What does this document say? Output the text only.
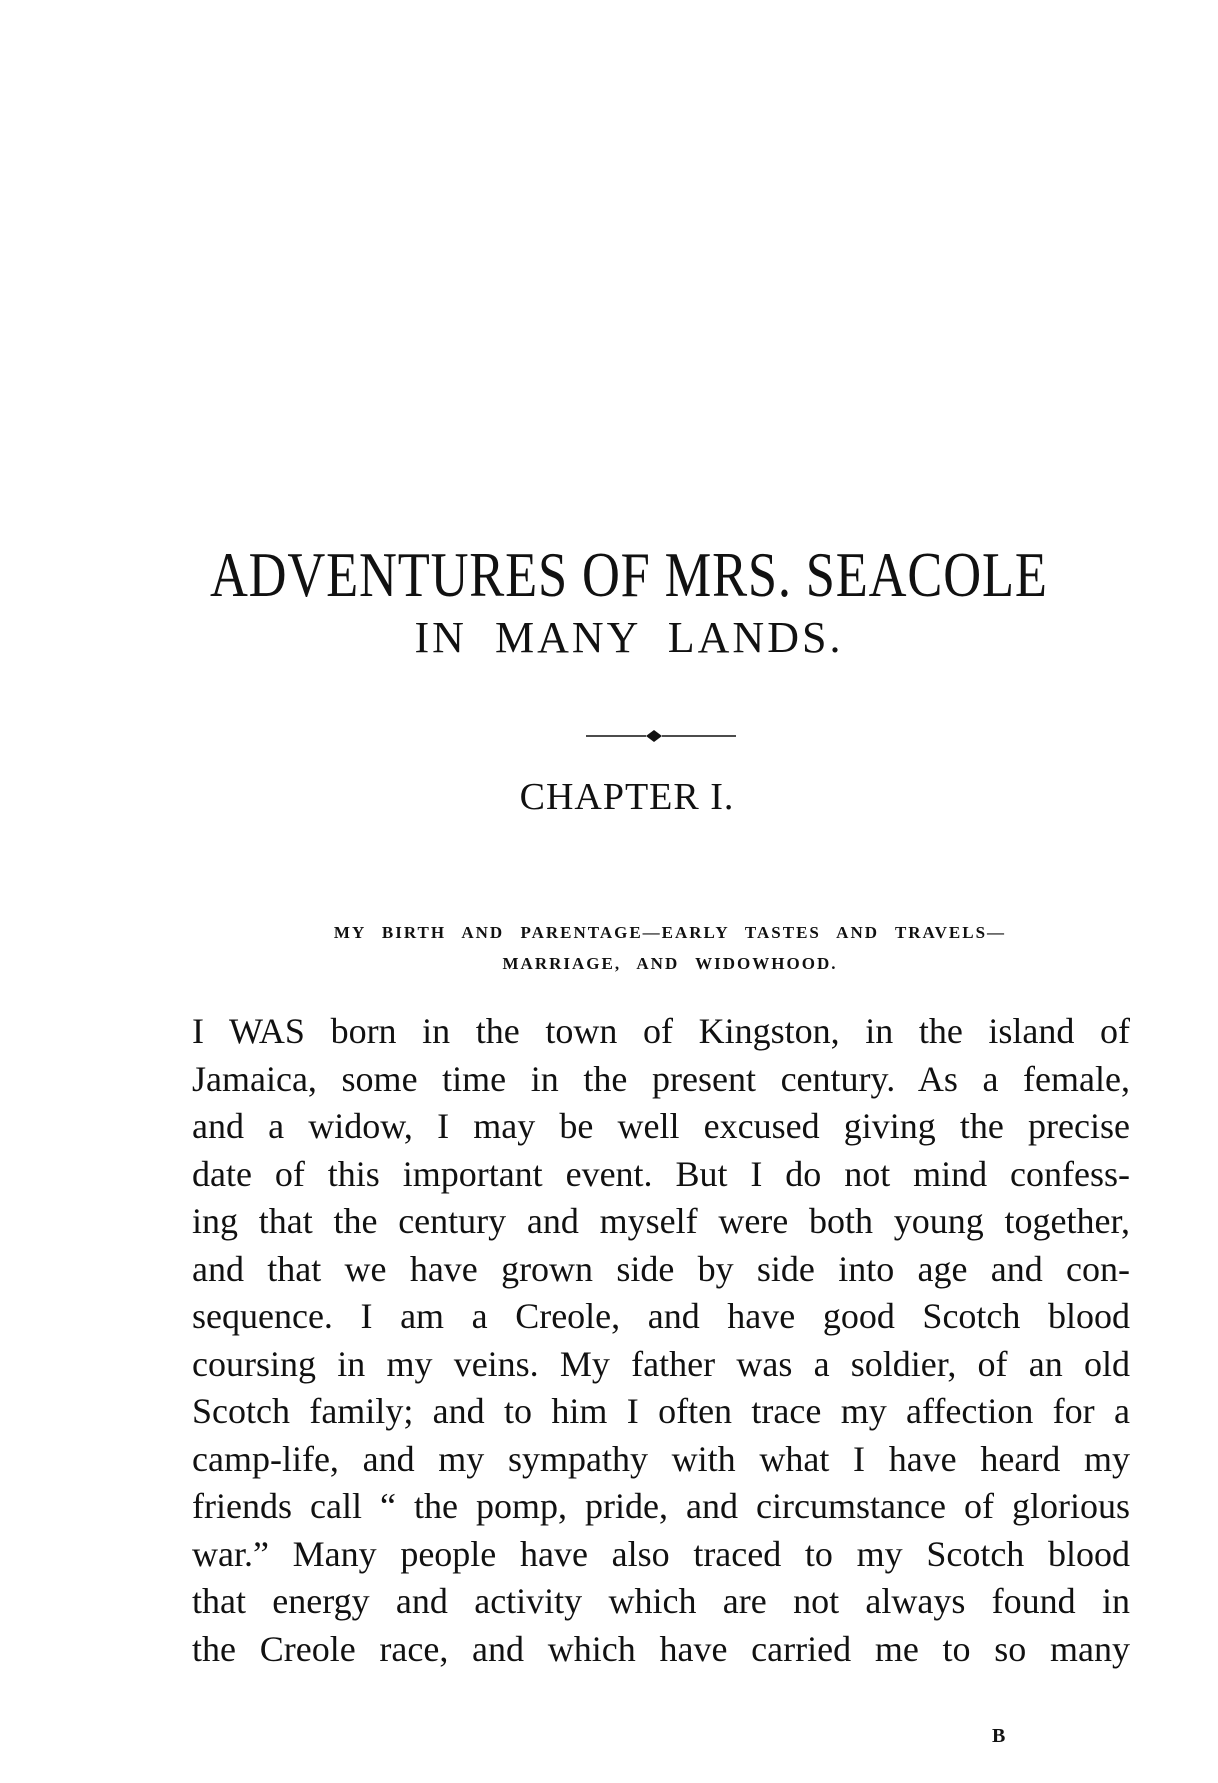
ADVENTURES OF MRS. SEACOLE
IN MANY LANDS.
CHAPTER I.
MY BIRTH AND PARENTAGE—EARLY TASTES AND TRAVELS—
MARRIAGE, AND WIDOWHOOD.
I WAS born in the town of Kingston, in the island of
Jamaica, some time in the present century. As a female,
and a widow, I may be well excused giving the precise
date of this important event. But I do not mind confess-
ing that the century and myself were both young together,
and that we have grown side by side into age and con-
sequence. I am a Creole, and have good Scotch blood
coursing in my veins. My father was a soldier, of an old
Scotch family; and to him I often trace my affection for a
camp-life, and my sympathy with what I have heard my
friends call “ the pomp, pride, and circumstance of glorious
war.” Many people have also traced to my Scotch blood
that energy and activity which are not always found in
the Creole race, and which have carried me to so many
B
